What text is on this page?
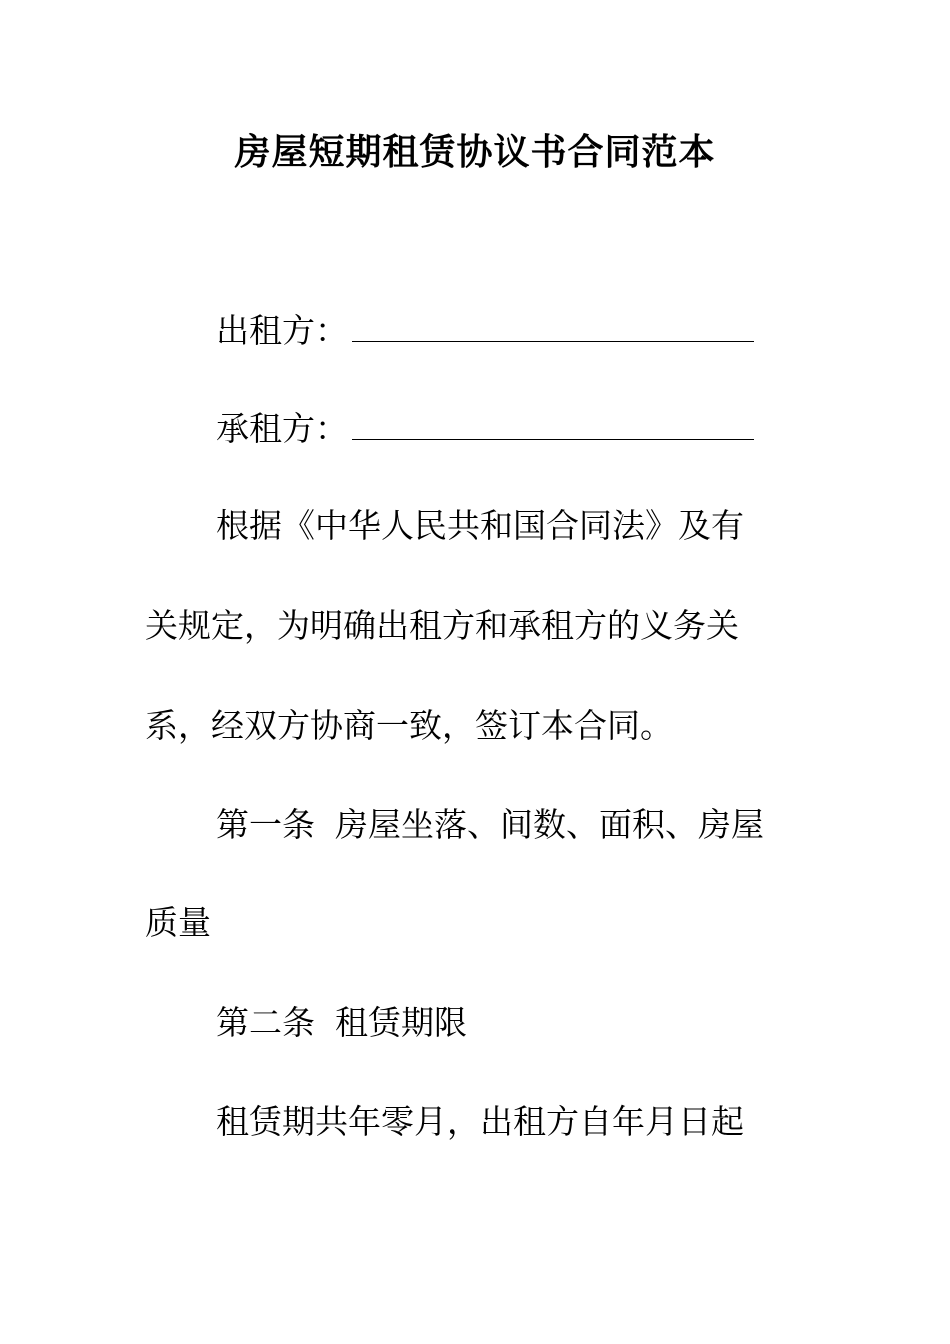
房屋短期租赁协议书合同范本
出租方：
承租方：
根据《中华人民共和国合同法》及有
关规定，为明确出租方和承租方的义务关
系，经双方协商一致，签订本合同。
第一条 房屋坐落、间数、面积、房屋
质量
第二条 租赁期限
租赁期共年零月，出租方自年月日起
